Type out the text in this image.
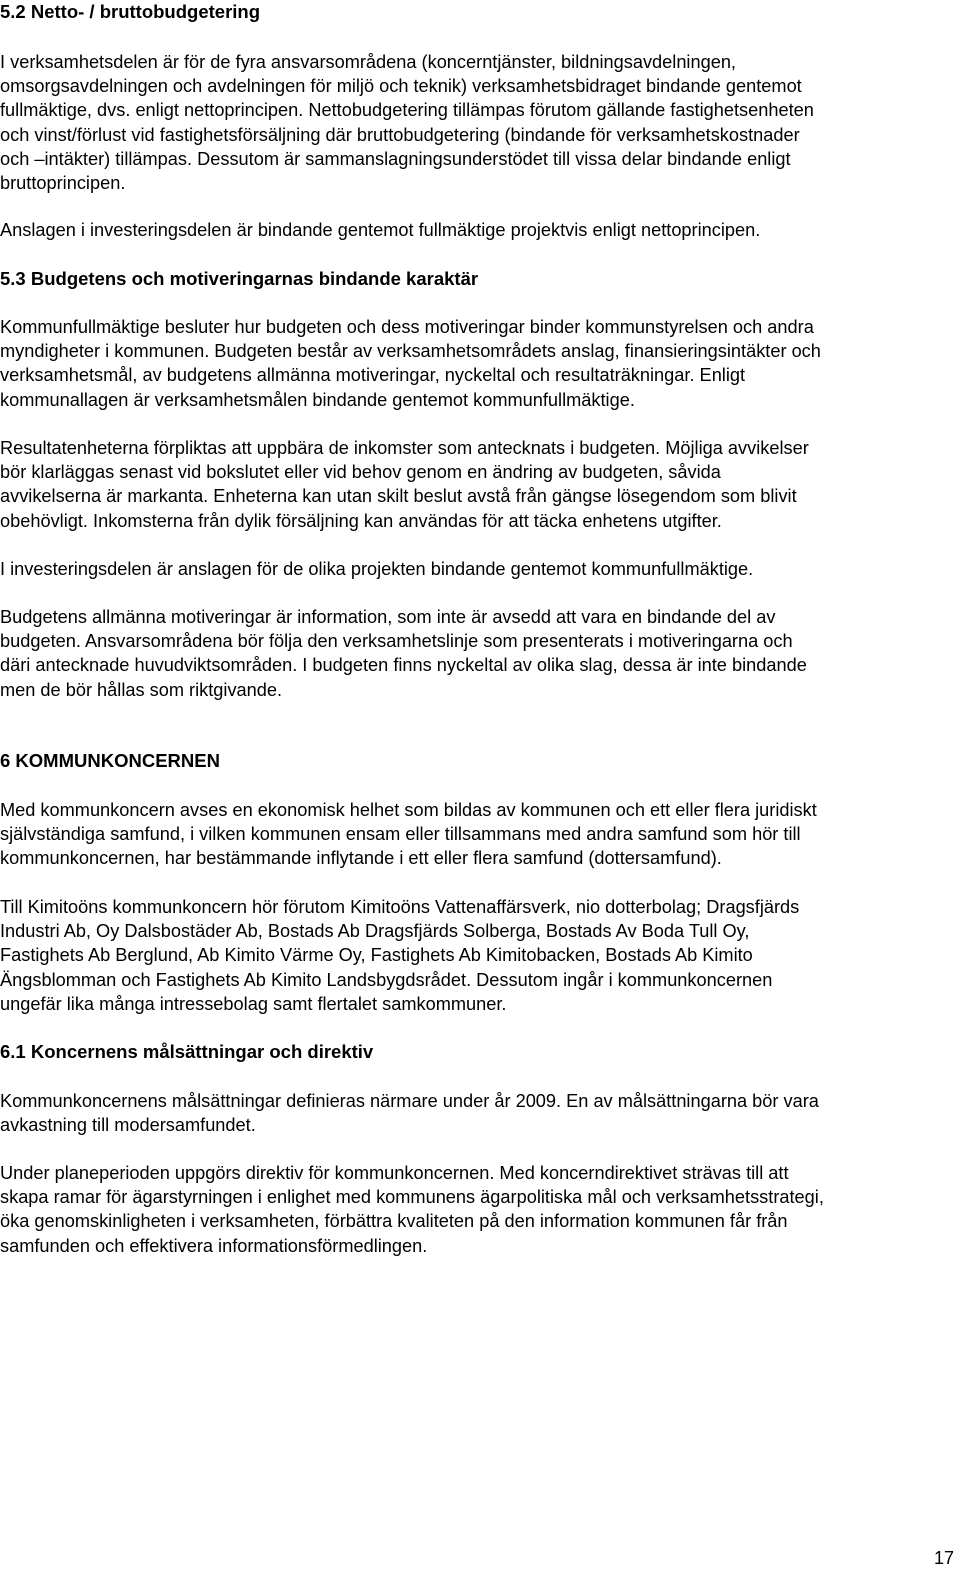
5.2 Netto- / bruttobudgetering
I verksamhetsdelen är för de fyra ansvarsområdena (koncerntjänster, bildningsavdelningen,
omsorgsavdelningen och avdelningen för miljö och teknik) verksamhetsbidraget bindande gentemot
fullmäktige, dvs. enligt nettoprincipen. Nettobudgetering tillämpas förutom gällande fastighetsenheten
och vinst/förlust vid fastighetsförsäljning där bruttobudgetering (bindande för verksamhetskostnader
och –intäkter) tillämpas. Dessutom är sammanslagningsunderstödet till vissa delar bindande enligt
bruttoprincipen.
Anslagen i investeringsdelen är bindande gentemot fullmäktige projektvis enligt nettoprincipen.
5.3 Budgetens och motiveringarnas bindande karaktär
Kommunfullmäktige besluter hur budgeten och dess motiveringar binder kommunstyrelsen och andra
myndigheter i kommunen. Budgeten består av verksamhetsområdets anslag, finansieringsintäkter och
verksamhetsmål, av budgetens allmänna motiveringar, nyckeltal och resultaträkningar. Enligt
kommunallagen är verksamhetsmålen bindande gentemot kommunfullmäktige.
Resultatenheterna förpliktas att uppbära de inkomster som antecknats i budgeten. Möjliga avvikelser
bör klarläggas senast vid bokslutet eller vid behov genom en ändring av budgeten, såvida
avvikelserna är markanta. Enheterna kan utan skilt beslut avstå från gängse lösegendom som blivit
obehövligt. Inkomsterna från dylik försäljning kan användas för att täcka enhetens utgifter.
I investeringsdelen är anslagen för de olika projekten bindande gentemot kommunfullmäktige.
Budgetens allmänna motiveringar är information, som inte är avsedd att vara en bindande del av
budgeten. Ansvarsområdena bör följa den verksamhetslinje som presenterats i motiveringarna och
däri antecknade huvudviktsområden. I budgeten finns nyckeltal av olika slag, dessa är inte bindande
men de bör hållas som riktgivande.
6 KOMMUNKONCERNEN
Med kommunkoncern avses en ekonomisk helhet som bildas av kommunen och ett eller flera juridiskt
självständiga samfund, i vilken kommunen ensam eller tillsammans med andra samfund som hör till
kommunkoncernen, har bestämmande inflytande i ett eller flera samfund (dottersamfund).
Till Kimitoöns kommunkoncern hör förutom Kimitoöns Vattenaffärsverk, nio dotterbolag; Dragsfjärds
Industri Ab, Oy Dalsbostäder Ab, Bostads Ab Dragsfjärds Solberga, Bostads Av Boda Tull Oy,
Fastighets Ab Berglund, Ab Kimito Värme Oy, Fastighets Ab Kimitobacken, Bostads Ab Kimito
Ängsblomman och Fastighets Ab Kimito Landsbygdsrådet. Dessutom ingår i kommunkoncernen
ungefär lika många intressebolag samt flertalet samkommuner.
6.1 Koncernens målsättningar och direktiv
Kommunkoncernens målsättningar definieras närmare under år 2009. En av målsättningarna bör vara
avkastning till modersamfundet.
Under planeperioden uppgörs direktiv för kommunkoncernen. Med koncerndirektivet strävas till att
skapa ramar för ägarstyrningen i enlighet med kommunens ägarpolitiska mål och verksamhetsstrategi,
öka genomskinligheten i verksamheten, förbättra kvaliteten på den information kommunen får från
samfunden och effektivera informationsförmedlingen.
17
